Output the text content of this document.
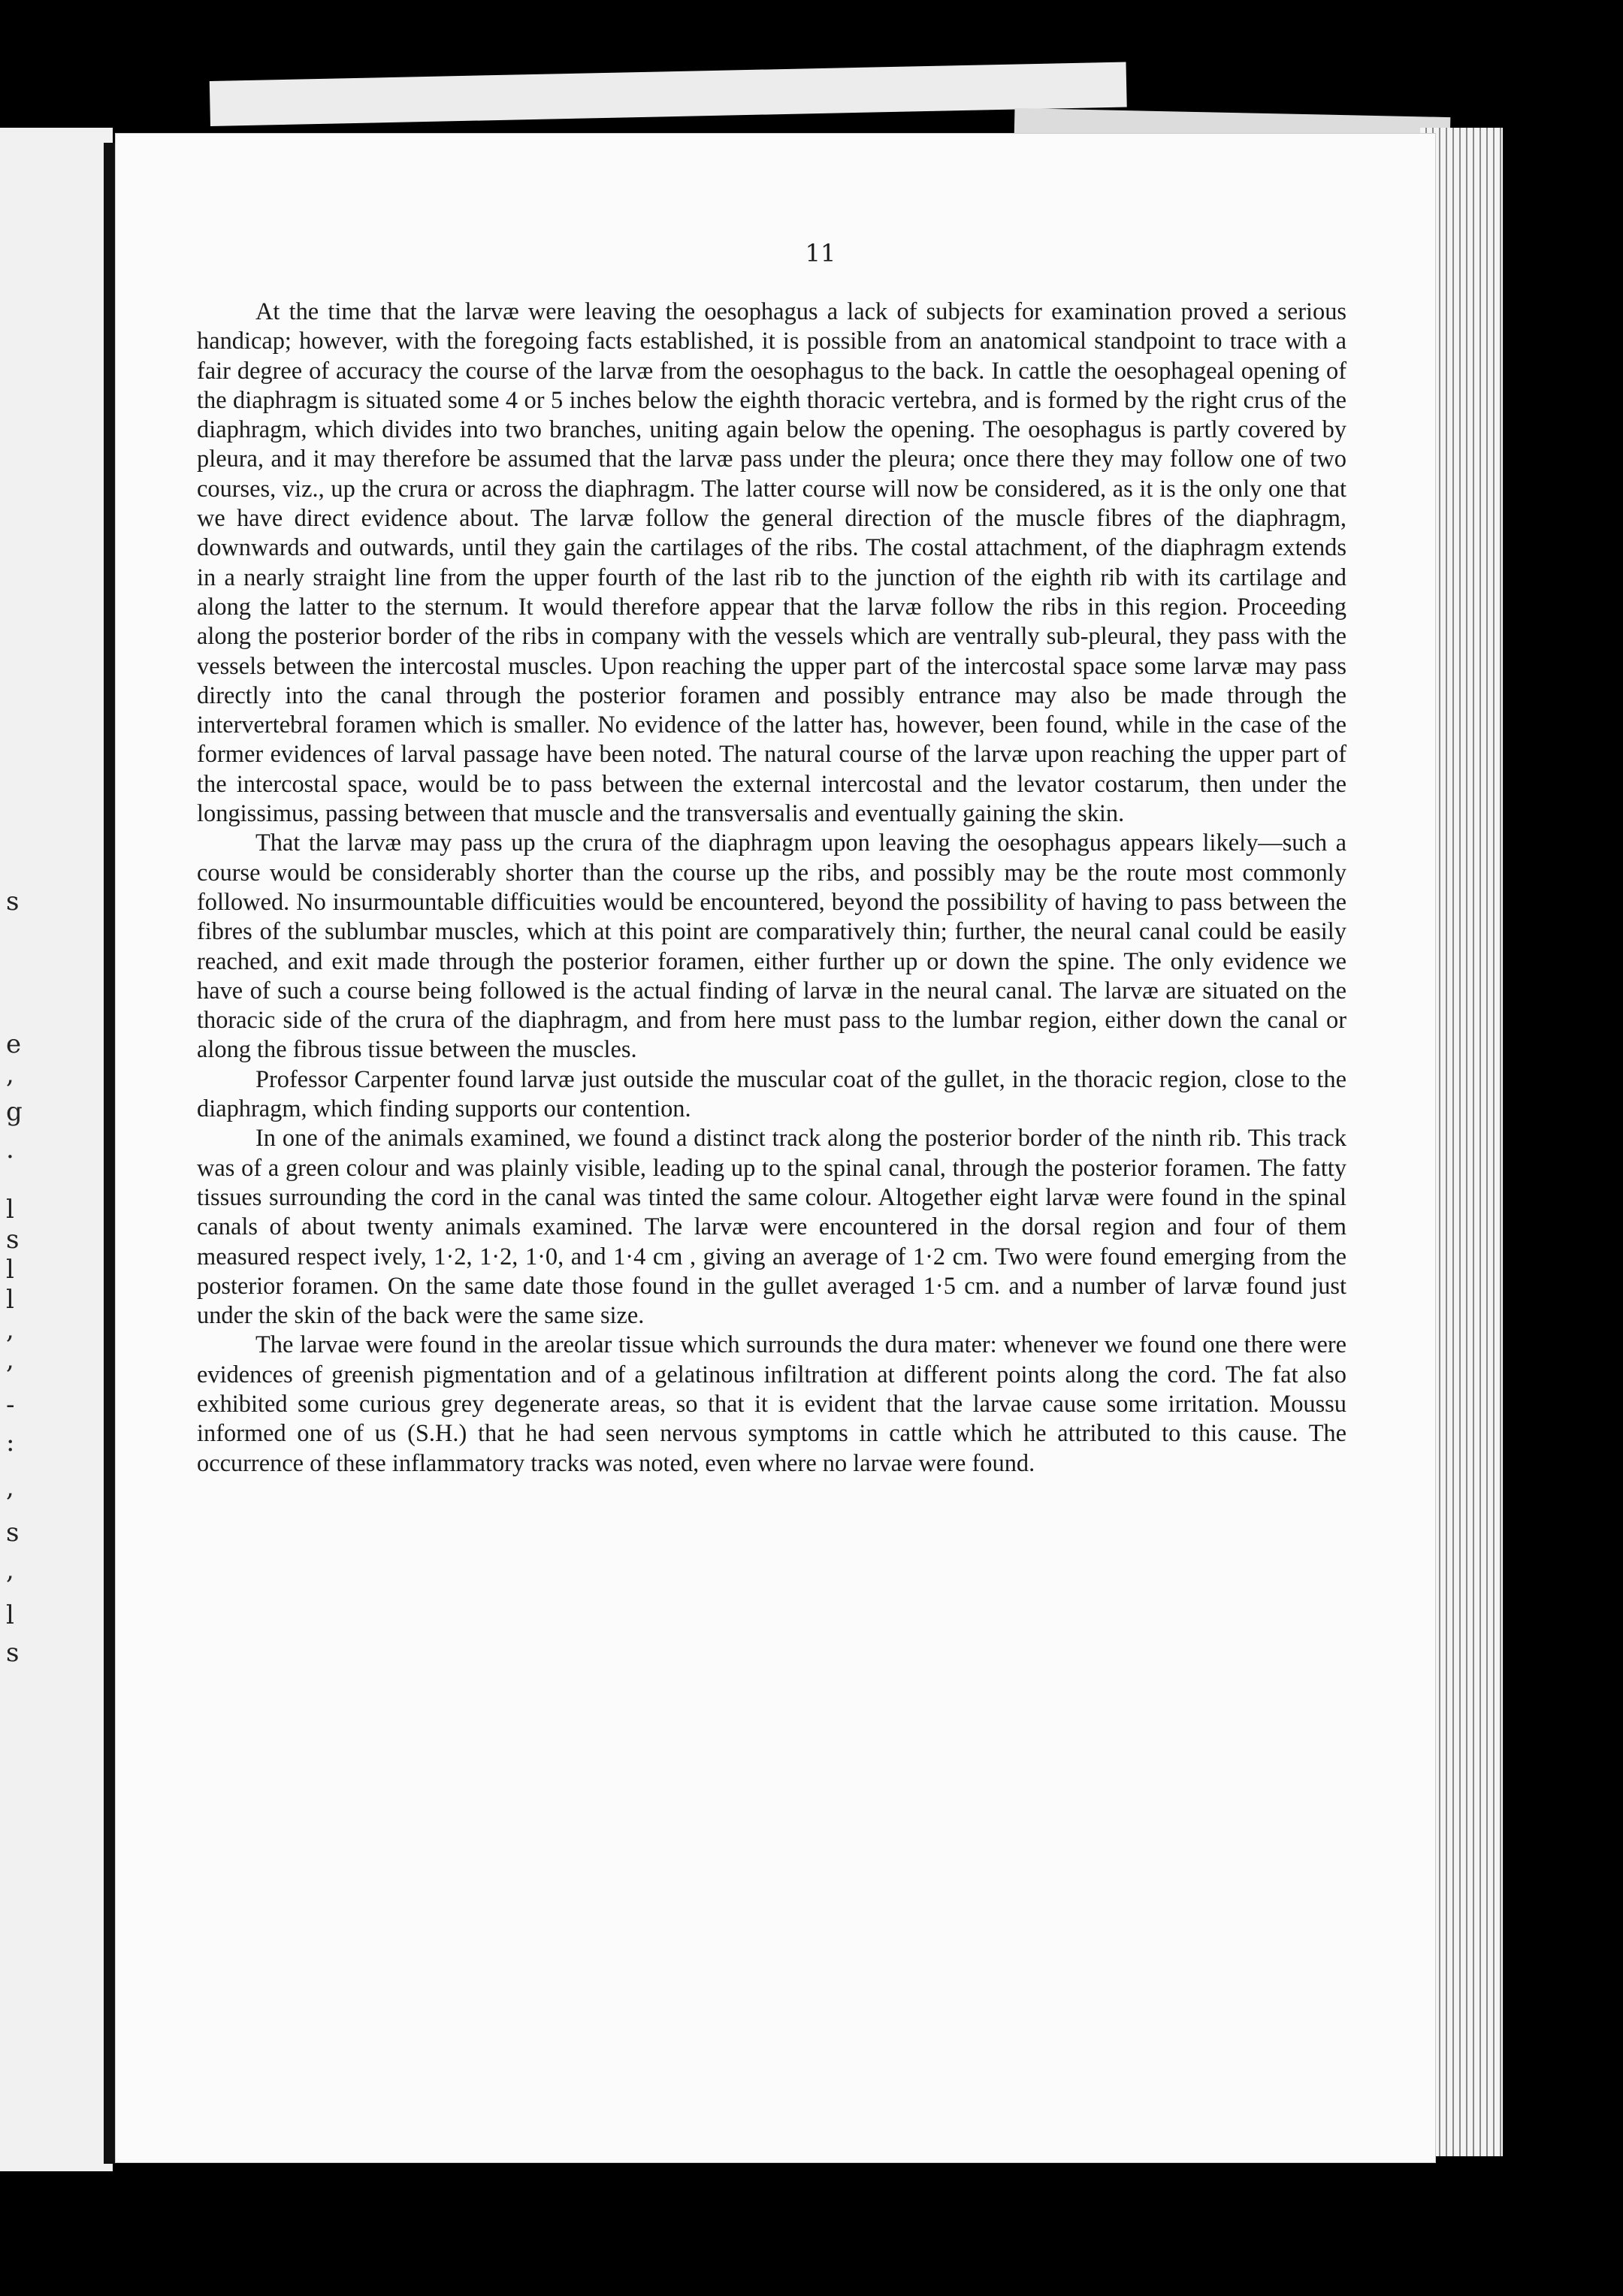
s
e
,
g
.
l
s
l
l
,
,
-
:
,
s
,
l
s
11

At the time that the larvæ were leaving the oesophagus a lack of subjects for examination proved a serious handicap; however, with the foregoing facts established, it is possible from an anatomical standpoint to trace with a fair degree of accuracy the course of the larvæ from the oesophagus to the back. In cattle the oesophageal opening of the diaphragm is situated some 4 or 5 inches below the eighth thoracic vertebra, and is formed by the right crus of the diaphragm, which divides into two branches, uniting again below the opening. The oesophagus is partly covered by pleura, and it may therefore be assumed that the larvæ pass under the pleura; once there they may follow one of two courses, viz., up the crura or across the diaphragm. The latter course will now be considered, as it is the only one that we have direct evidence about. The larvæ follow the general direction of the muscle fibres of the diaphragm, downwards and outwards, until they gain the cartilages of the ribs. The costal attachment, of the diaphragm extends in a nearly straight line from the upper fourth of the last rib to the junction of the eighth rib with its cartilage and along the latter to the sternum. It would therefore appear that the larvæ follow the ribs in this region. Proceeding along the posterior border of the ribs in company with the vessels which are ventrally sub-pleural, they pass with the vessels between the intercostal muscles. Upon reaching the upper part of the intercostal space some larvæ may pass directly into the canal through the posterior foramen and possibly entrance may also be made through the intervertebral foramen which is smaller. No evidence of the latter has, however, been found, while in the case of the former evidences of larval passage have been noted. The natural course of the larvæ upon reaching the upper part of the intercostal space, would be to pass between the external intercostal and the levator costarum, then under the longissimus, passing between that muscle and the transversalis and eventually gaining the skin.

That the larvæ may pass up the crura of the diaphragm upon leaving the oesophagus appears likely—such a course would be considerably shorter than the course up the ribs, and possibly may be the route most commonly followed. No insurmountable difficuities would be encountered, beyond the possibility of having to pass between the fibres of the sublumbar muscles, which at this point are comparatively thin; further, the neural canal could be easily reached, and exit made through the posterior foramen, either further up or down the spine. The only evidence we have of such a course being followed is the actual finding of larvæ in the neural canal. The larvæ are situated on the thoracic side of the crura of the diaphragm, and from here must pass to the lumbar region, either down the canal or along the fibrous tissue between the muscles.

Professor Carpenter found larvæ just outside the muscular coat of the gullet, in the thoracic region, close to the diaphragm, which finding supports our contention.

In one of the animals examined, we found a distinct track along the posterior border of the ninth rib. This track was of a green colour and was plainly visible, leading up to the spinal canal, through the posterior foramen. The fatty tissues surrounding the cord in the canal was tinted the same colour. Altogether eight larvæ were found in the spinal canals of about twenty animals examined. The larvæ were encountered in the dorsal region and four of them measured respect ively, 1·2, 1·2, 1·0, and 1·4 cm , giving an average of 1·2 cm. Two were found emerging from the posterior foramen. On the same date those found in the gullet averaged 1·5 cm. and a number of larvæ found just under the skin of the back were the same size.

The larvae were found in the areolar tissue which surrounds the dura mater: whenever we found one there were evidences of greenish pigmentation and of a gelatinous infiltration at different points along the cord. The fat also exhibited some curious grey degenerate areas, so that it is evident that the larvae cause some irritation. Moussu informed one of us (S.H.) that he had seen nervous symptoms in cattle which he attributed to this cause. The occurrence of these inflammatory tracks was noted, even where no larvae were found.
